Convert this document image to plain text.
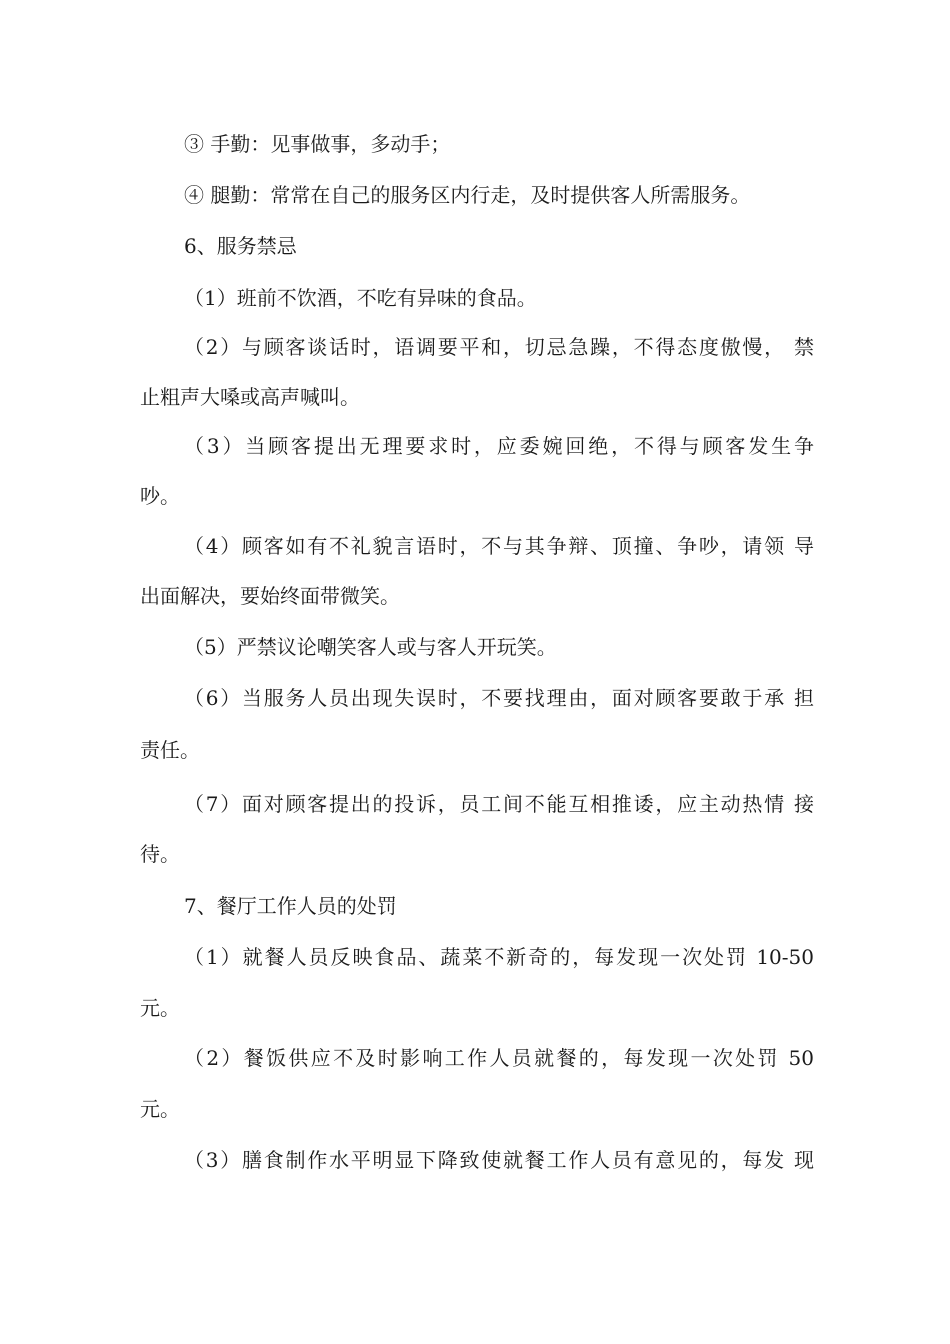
③ 手勤：见事做事，多动手；
④ 腿勤：常常在自己的服务区内行走，及时提供客人所需服务。
6、服务禁忌
（1）班前不饮酒，不吃有异味的食品。
（2）与顾客谈话时，语调要平和，切忌急躁，不得态度傲慢， 禁
止粗声大嗓或高声喊叫。
（3）当顾客提出无理要求时，应委婉回绝，不得与顾客发生争
吵。
（4）顾客如有不礼貌言语时，不与其争辩、顶撞、争吵，请领 导
出面解决，要始终面带微笑。
（5）严禁议论嘲笑客人或与客人开玩笑。
（6）当服务人员出现失误时，不要找理由，面对顾客要敢于承 担
责任。
（7）面对顾客提出的投诉，员工间不能互相推诿，应主动热情 接
待。
7、餐厅工作人员的处罚
（1）就餐人员反映食品、蔬菜不新奇的，每发现一次处罚 10-50
元。
（2）餐饭供应不及时影响工作人员就餐的，每发现一次处罚 50
元。
（3）膳食制作水平明显下降致使就餐工作人员有意见的，每发 现
